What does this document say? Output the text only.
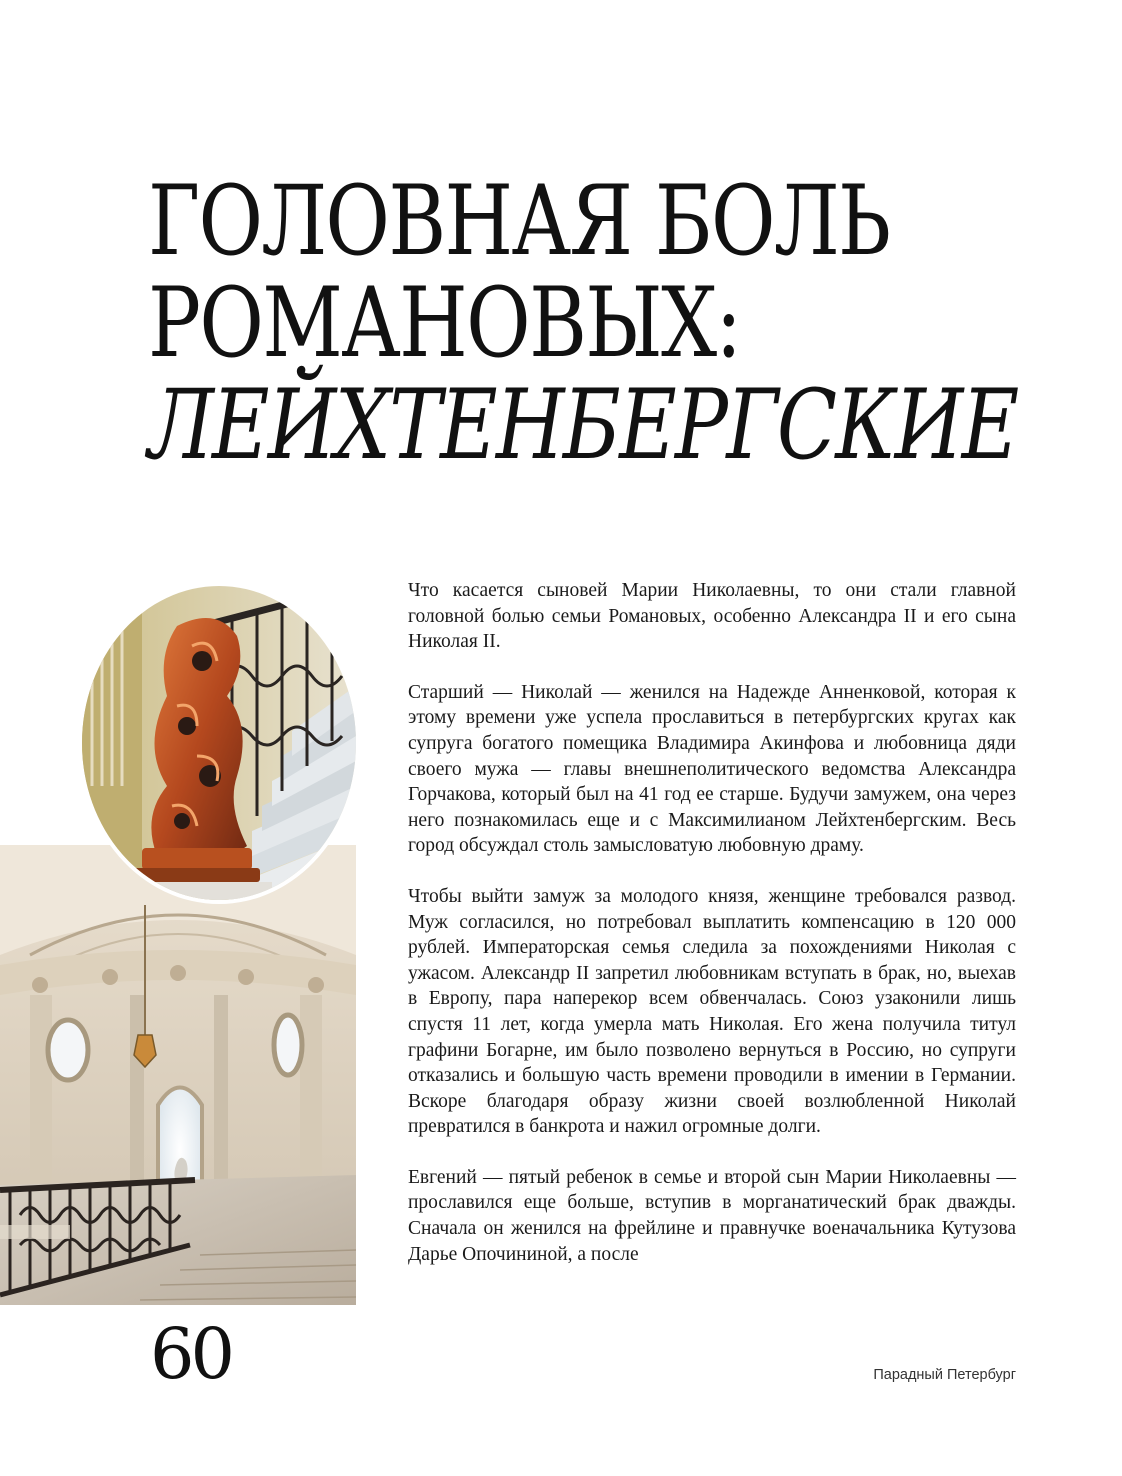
ГОЛОВНАЯ БОЛЬ
РОМАНОВЫХ:
ЛЕЙХТЕНБЕРГСКИЕ

Что касается сыновей Марии Николаевны, то они стали главной головной болью семьи Романовых, особенно Александра II и его сына Николая II.

Старший — Николай — женился на Надежде Анненковой, которая к этому времени уже успела прославиться в петербургских кругах как супруга богатого помещика Владимира Акинфова и любовница дяди своего мужа — главы внешнеполитического ведомства Александра Горчакова, который был на 41 год ее старше. Будучи замужем, она через него познакомилась еще и с Максимилианом Лейхтенбергским. Весь город обсуждал столь замысловатую любовную драму.

Чтобы выйти замуж за молодого князя, женщине требовался развод. Муж согласился, но потребовал выплатить компенсацию в 120 000 рублей. Императорская семья следила за похождениями Николая с ужасом. Александр II запретил любовникам вступать в брак, но, выехав в Европу, пара наперекор всем обвенчалась. Союз узаконили лишь спустя 11 лет, когда умерла мать Николая. Его жена получила титул графини Богарне, им было позволено вернуться в Россию, но супруги отказались и большую часть времени проводили в имении в Германии. Вскоре благодаря образу жизни своей возлюбленной Николай превратился в банкрота и нажил огромные долги.

Евгений — пятый ребенок в семье и второй сын Марии Николаевны — прославился еще больше, вступив в морганатический брак дважды. Сначала он женился на фрейлине и правнучке военачальника Кутузова Дарье Опочининой, а после

60	Парадный Петербург
